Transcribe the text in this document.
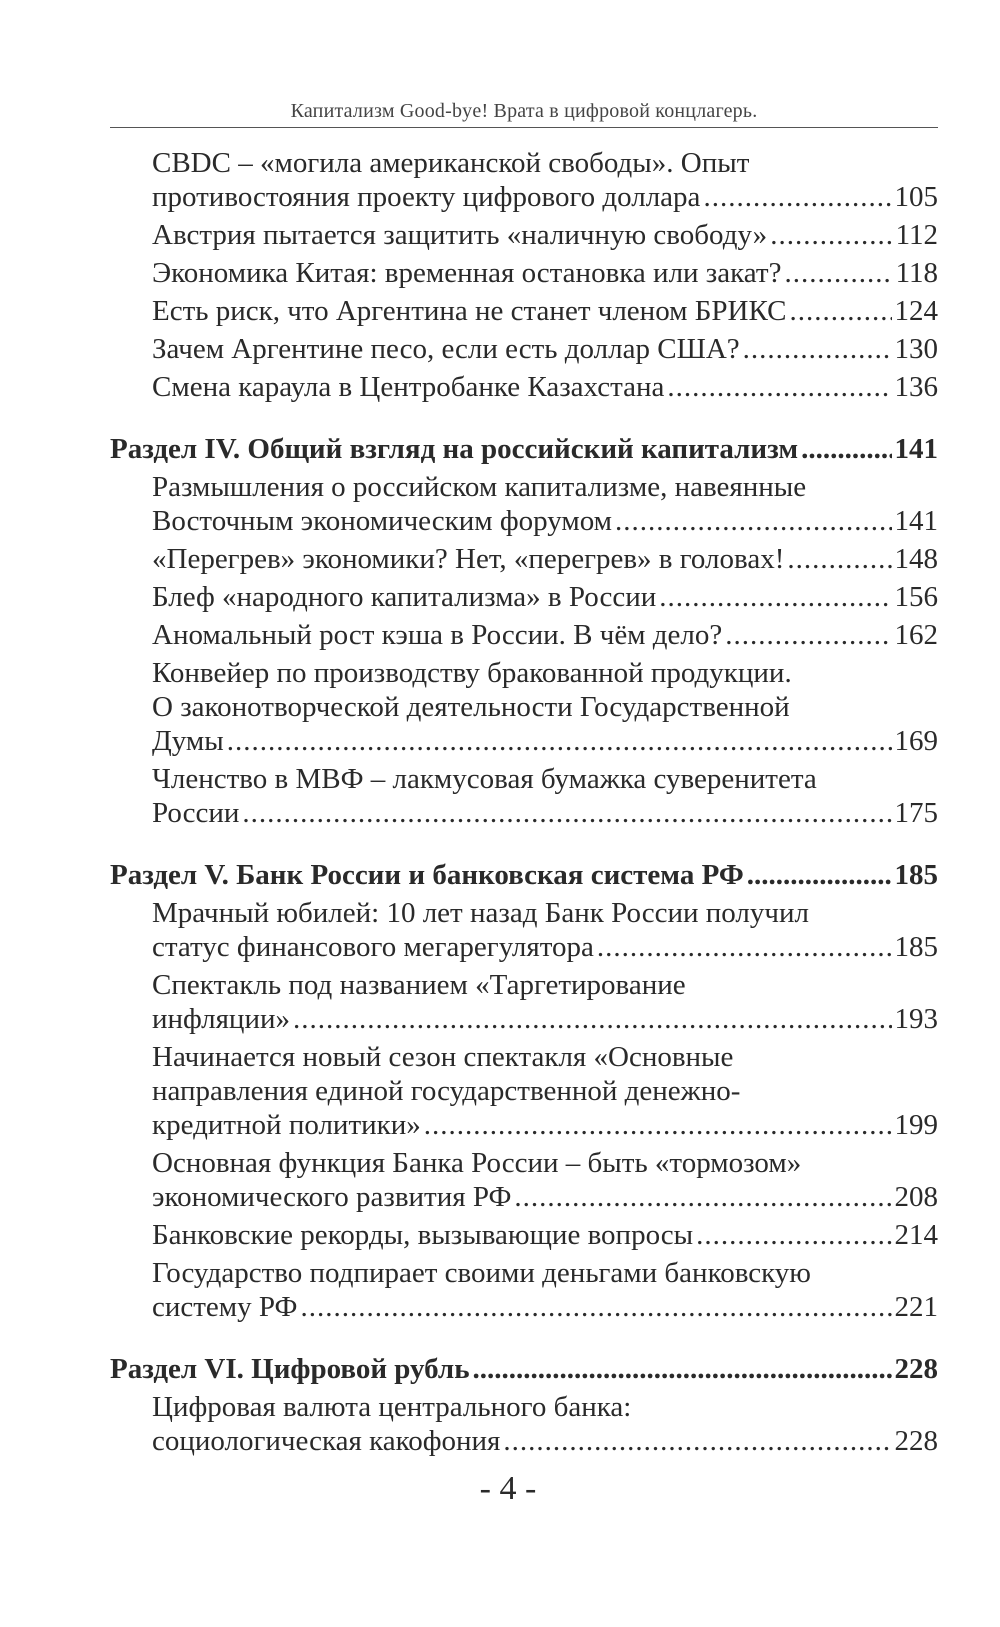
Капитализм Good-bye! Врата в цифровой концлагерь.
CBDC – «могила американской свободы». Опыт
противостояния проекту цифрового доллара .....	105
Австрия пытается защитить «наличную свободу» .....	112
Экономика Китая: временная остановка или закат? .....	118
Есть риск, что Аргентина не станет членом БРИКС .....	124
Зачем Аргентине песо, если есть доллар США? .....	130
Смена караула в Центробанке Казахстана .....	136
Раздел IV. Общий взгляд на российский капитализм .....	141
Размышления о российском капитализме, навеянные
Восточным экономическим форумом .....	141
«Перегрев» экономики? Нет, «перегрев» в головах! .....	148
Блеф «народного капитализма» в России .....	156
Аномальный рост кэша в России. В чём дело? .....	162
Конвейер по производству бракованной продукции.
О законотворческой деятельности Государственной
Думы .....	169
Членство в МВФ – лакмусовая бумажка суверенитета
России .....	175
Раздел V. Банк России и банковская система РФ .....	185
Мрачный юбилей: 10 лет назад Банк России получил
статус финансового мегарегулятора .....	185
Спектакль под названием «Таргетирование
инфляции» .....	193
Начинается новый сезон спектакля «Основные
направления единой государственной денежно-
кредитной политики» .....	199
Основная функция Банка России – быть «тормозом»
экономического развития РФ .....	208
Банковские рекорды, вызывающие вопросы .....	214
Государство подпирает своими деньгами банковскую
систему РФ .....	221
Раздел VI. Цифровой рубль .....	228
Цифровая валюта центрального банка:
социологическая какофония .....	228
- 4 -
